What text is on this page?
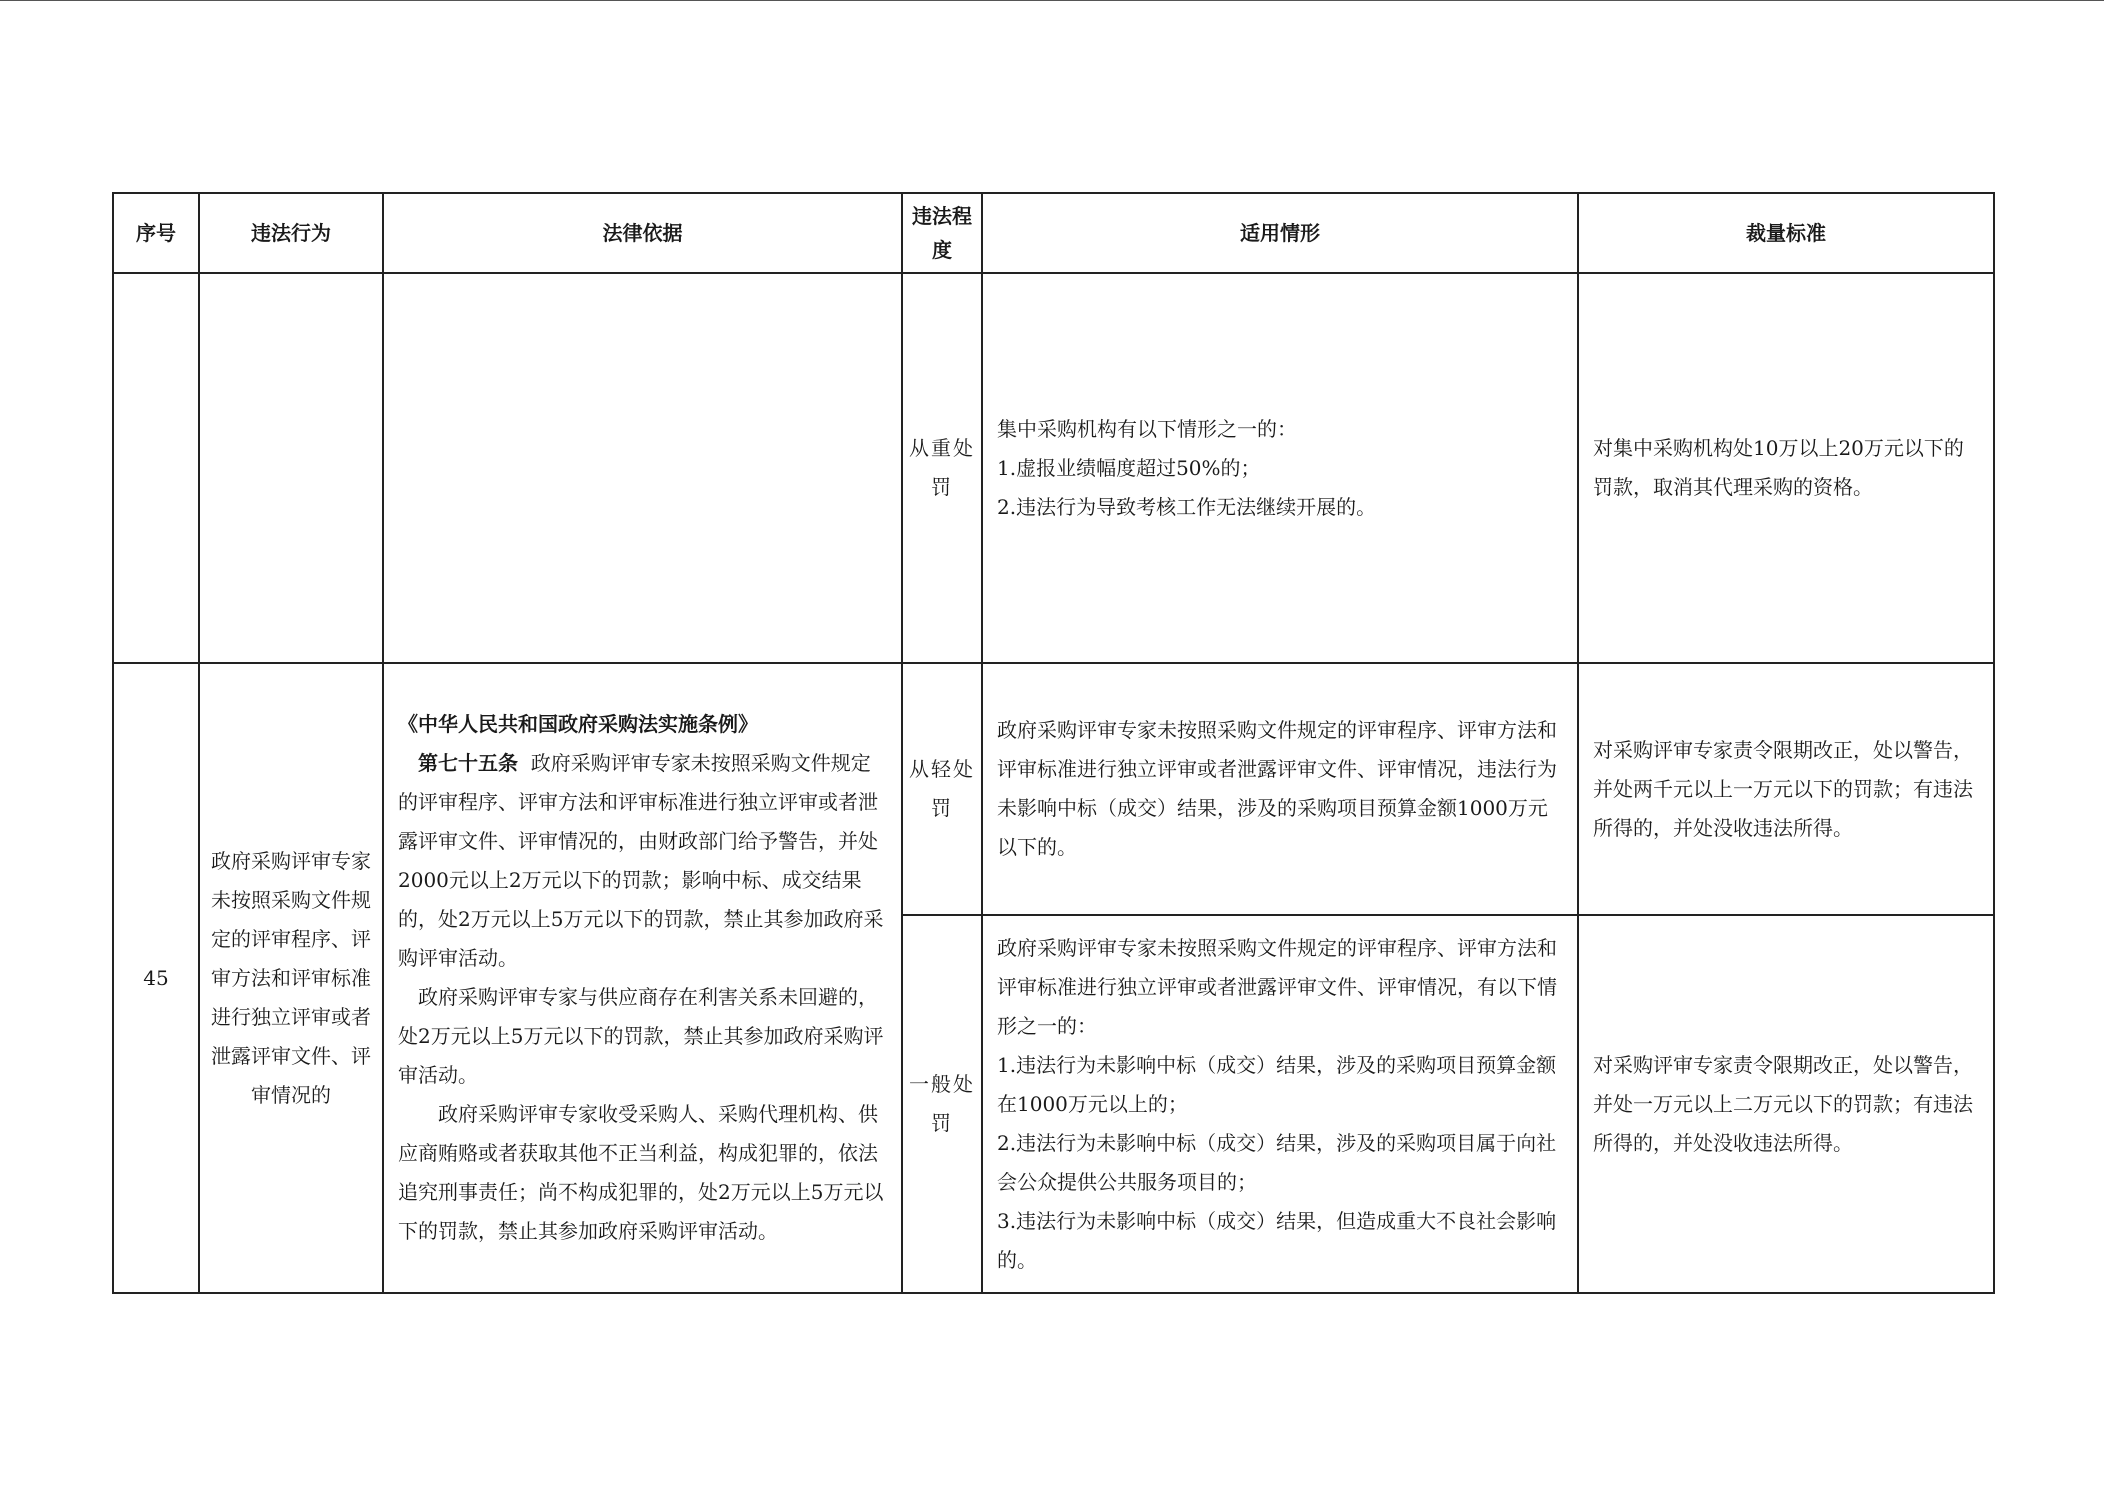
序号	违法行为	法律依据	违法程度	适用情形	裁量标准
			从重处罚	集中采购机构有以下情形之一的：
1.虚报业绩幅度超过50%的；
2.违法行为导致考核工作无法继续开展的。	对集中采购机构处10万以上20万元以下的罚款，取消其代理采购的资格。
45	政府采购评审专家未按照采购文件规定的评审程序、评审方法和评审标准进行独立评审或者泄露评审文件、评审情况的	《中华人民共和国政府采购法实施条例》

第七十五条 政府采购评审专家未按照采购文件规定的评审程序、评审方法和评审标准进行独立评审或者泄露评审文件、评审情况的，由财政部门给予警告，并处2000元以上2万元以下的罚款；影响中标、成交结果的，处2万元以上5万元以下的罚款，禁止其参加政府采购评审活动。

政府采购评审专家与供应商存在利害关系未回避的，处2万元以上5万元以下的罚款，禁止其参加政府采购评审活动。

政府采购评审专家收受采购人、采购代理机构、供应商贿赂或者获取其他不正当利益，构成犯罪的，依法追究刑事责任；尚不构成犯罪的，处2万元以上5万元以下的罚款，禁止其参加政府采购评审活动。	从轻处罚	政府采购评审专家未按照采购文件规定的评审程序、评审方法和评审标准进行独立评审或者泄露评审文件、评审情况，违法行为未影响中标（成交）结果，涉及的采购项目预算金额1000万元以下的。	对采购评审专家责令限期改正，处以警告，并处两千元以上一万元以下的罚款；有违法所得的，并处没收违法所得。
			一般处罚	政府采购评审专家未按照采购文件规定的评审程序、评审方法和评审标准进行独立评审或者泄露评审文件、评审情况，有以下情形之一的：
1.违法行为未影响中标（成交）结果，涉及的采购项目预算金额在1000万元以上的；
2.违法行为未影响中标（成交）结果，涉及的采购项目属于向社会公众提供公共服务项目的；
3.违法行为未影响中标（成交）结果，但造成重大不良社会影响的。	对采购评审专家责令限期改正，处以警告，并处一万元以上二万元以下的罚款；有违法所得的，并处没收违法所得。
